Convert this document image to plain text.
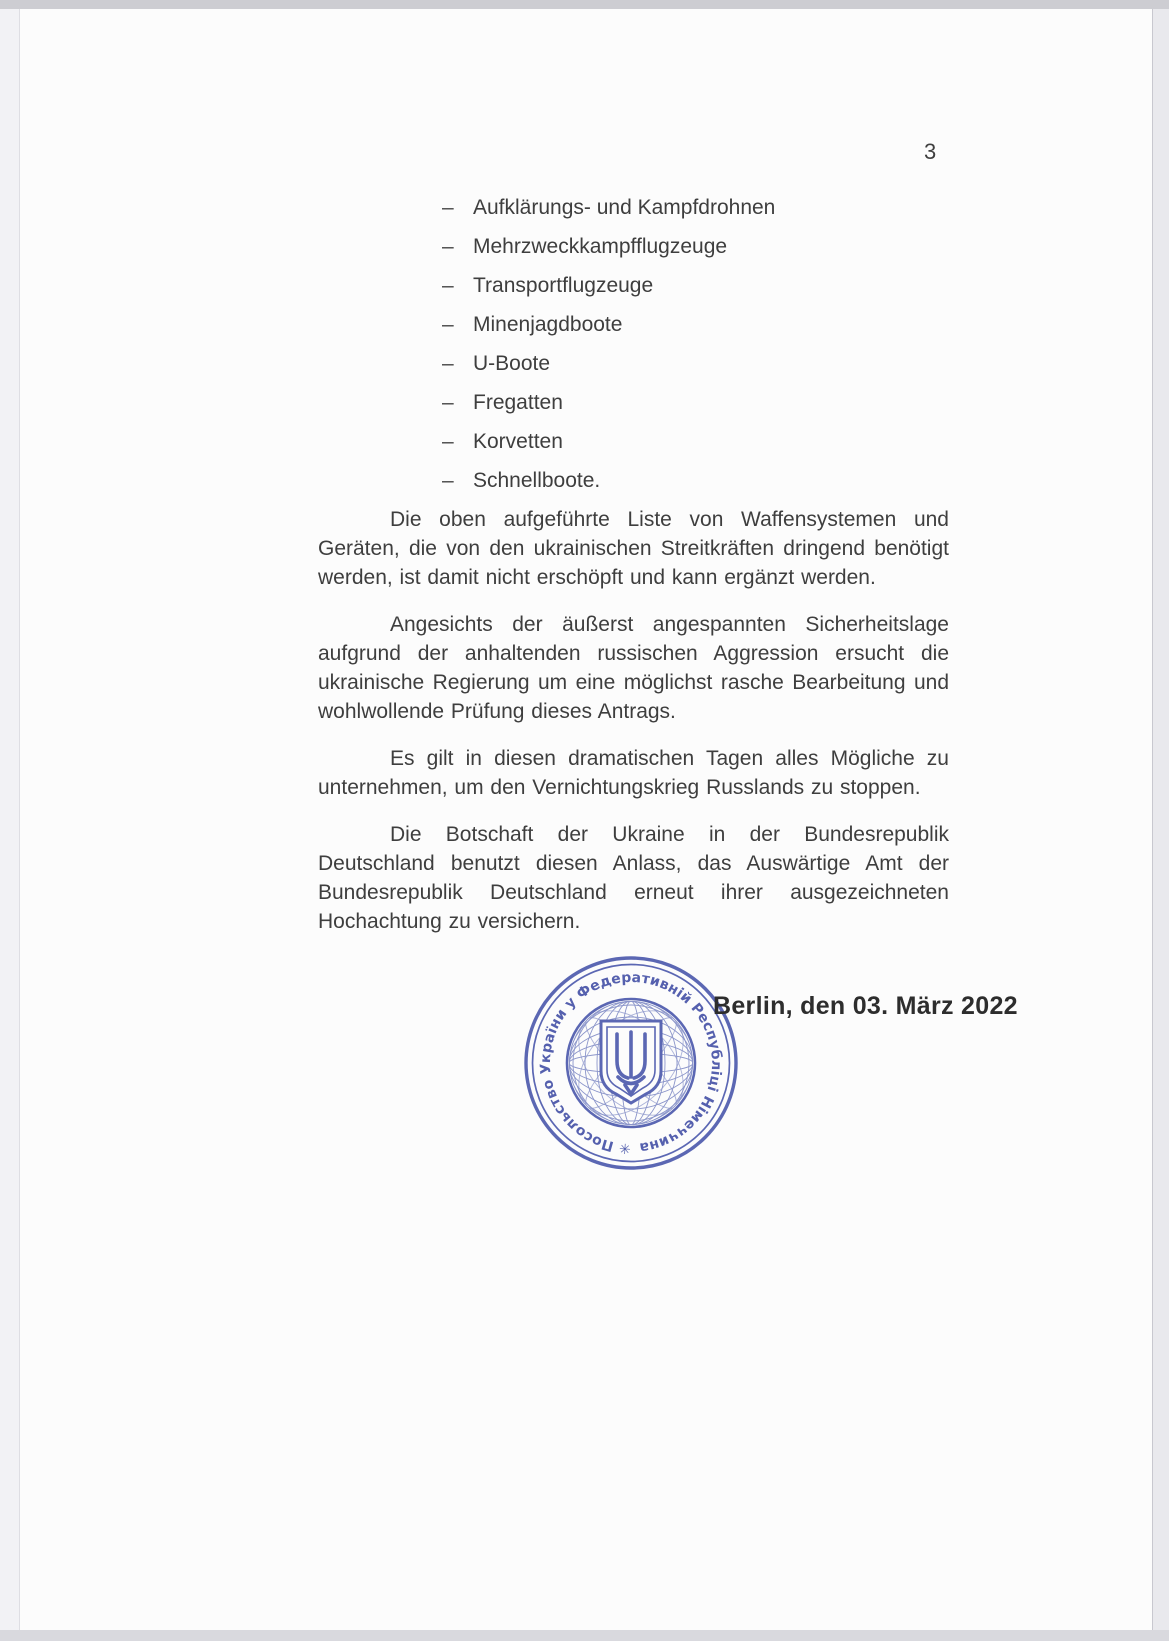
3
– Aufklärungs- und Kampfdrohnen
– Mehrzweckkampfflugzeuge
– Transportflugzeuge
– Minenjagdboote
– U-Boote
– Fregatten
– Korvetten
– Schnellboote.

Die oben aufgeführte Liste von Waffensystemen und Geräten, die von den ukrainischen Streitkräften dringend benötigt werden, ist damit nicht erschöpft und kann ergänzt werden.

Angesichts der äußerst angespannten Sicherheitslage aufgrund der anhaltenden russischen Aggression ersucht die ukrainische Regierung um eine möglichst rasche Bearbeitung und wohlwollende Prüfung dieses Antrags.

Es gilt in diesen dramatischen Tagen alles Mögliche zu unternehmen, um den Vernichtungskrieg Russlands zu stoppen.

Die Botschaft der Ukraine in der Bundesrepublik Deutschland benutzt diesen Anlass, das Auswärtige Amt der Bundesrepublik Deutschland erneut ihrer ausgezeichneten Hochachtung zu versichern.

Berlin, den 03. März 2022
✳ Посольство України у Федеративній Республіці Німеччина
